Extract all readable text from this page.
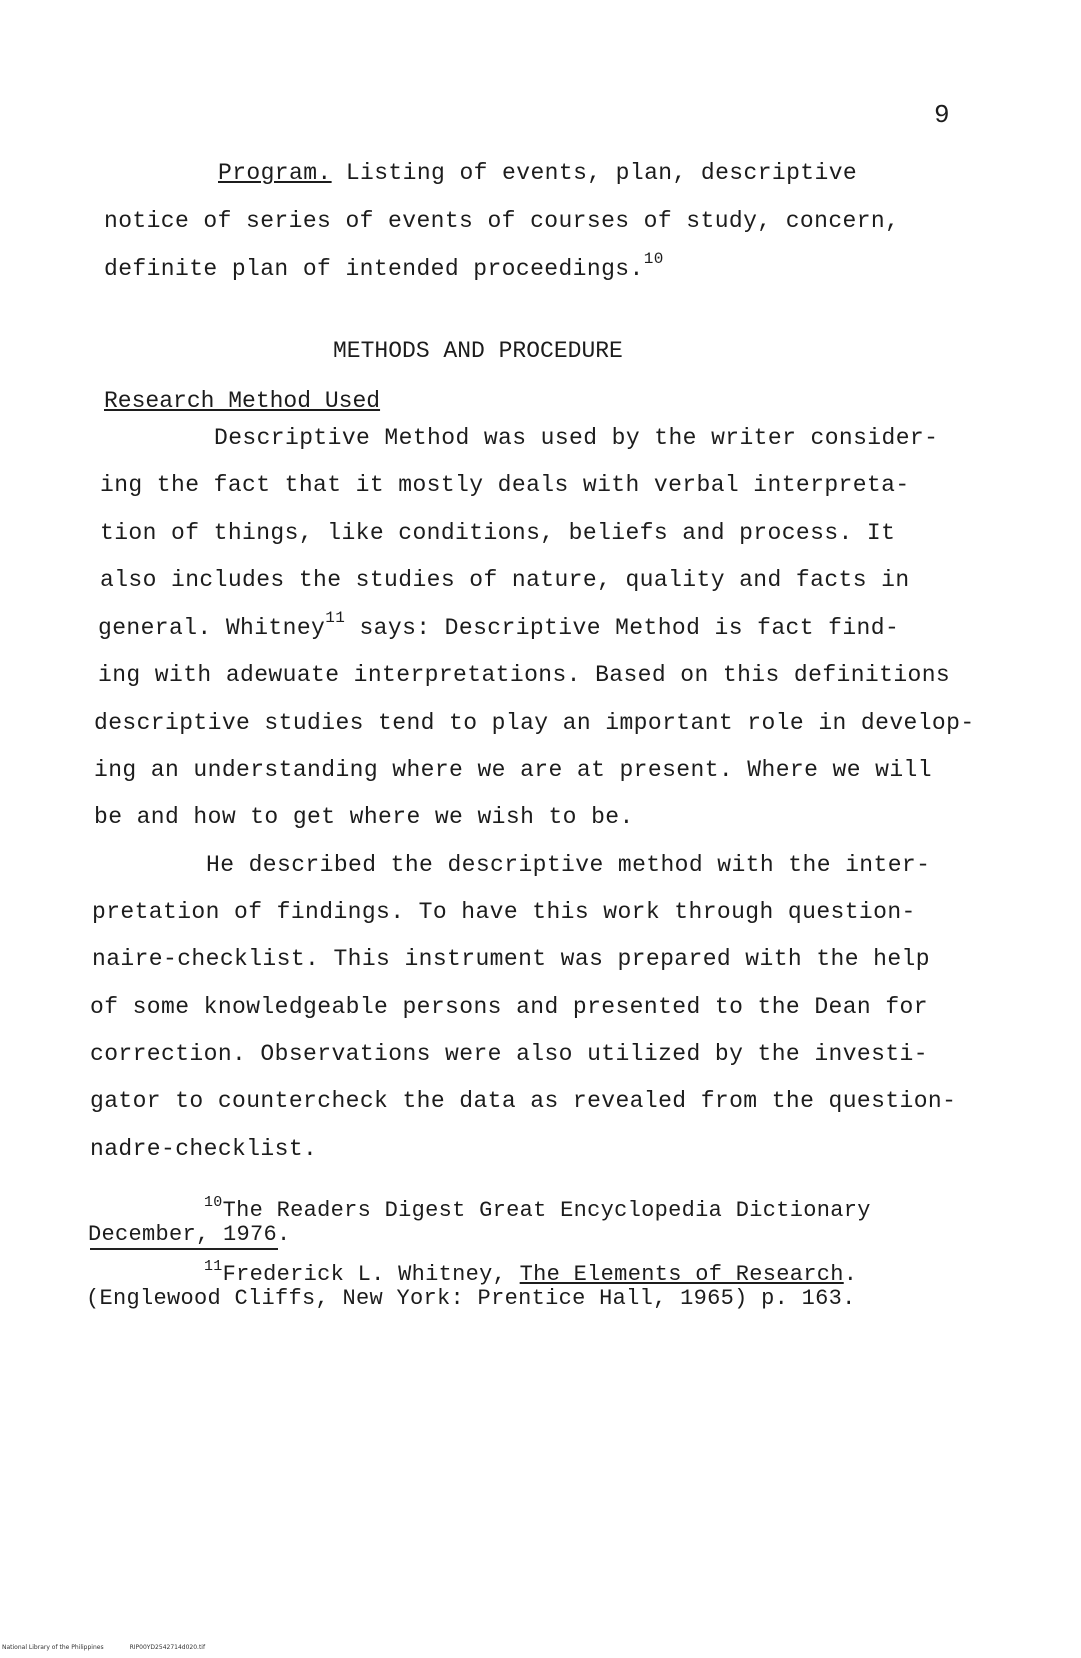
9
Program. Listing of events, plan, descriptive
notice of series of events of courses of study, concern,
definite plan of intended proceedings.$^{10}$
METHODS AND PROCEDURE
Research Method Used
Descriptive Method was used by the writer consider-
ing the fact that it mostly deals with verbal interpreta-
tion of things, like conditions, beliefs and process. It
also includes the studies of nature, quality and facts in
general. Whitney$^{11}$ says: Descriptive Method is fact find-
ing with adewuate interpretations. Based on this definitions
descriptive studies tend to play an important role in develop-
ing an understanding where we are at present. Where we will
be and how to get where we wish to be.
He described the descriptive method with the inter-
pretation of findings. To have this work through question-
naire-checklist. This instrument was prepared with the help
of some knowledgeable persons and presented to the Dean for
correction. Observations were also utilized by the investi-
gator to countercheck the data as revealed from the question-
nadre-checklist.
$^{10}$The Readers Digest Great Encyclopedia Dictionary
December, 1976.
$^{11}$Frederick L. Whitney, The Elements of Research.
(Englewood Cliffs, New York: Prentice Hall, 1965) p. 163.
National Library of the Philippines	RIP00YD2542714d020.tif
